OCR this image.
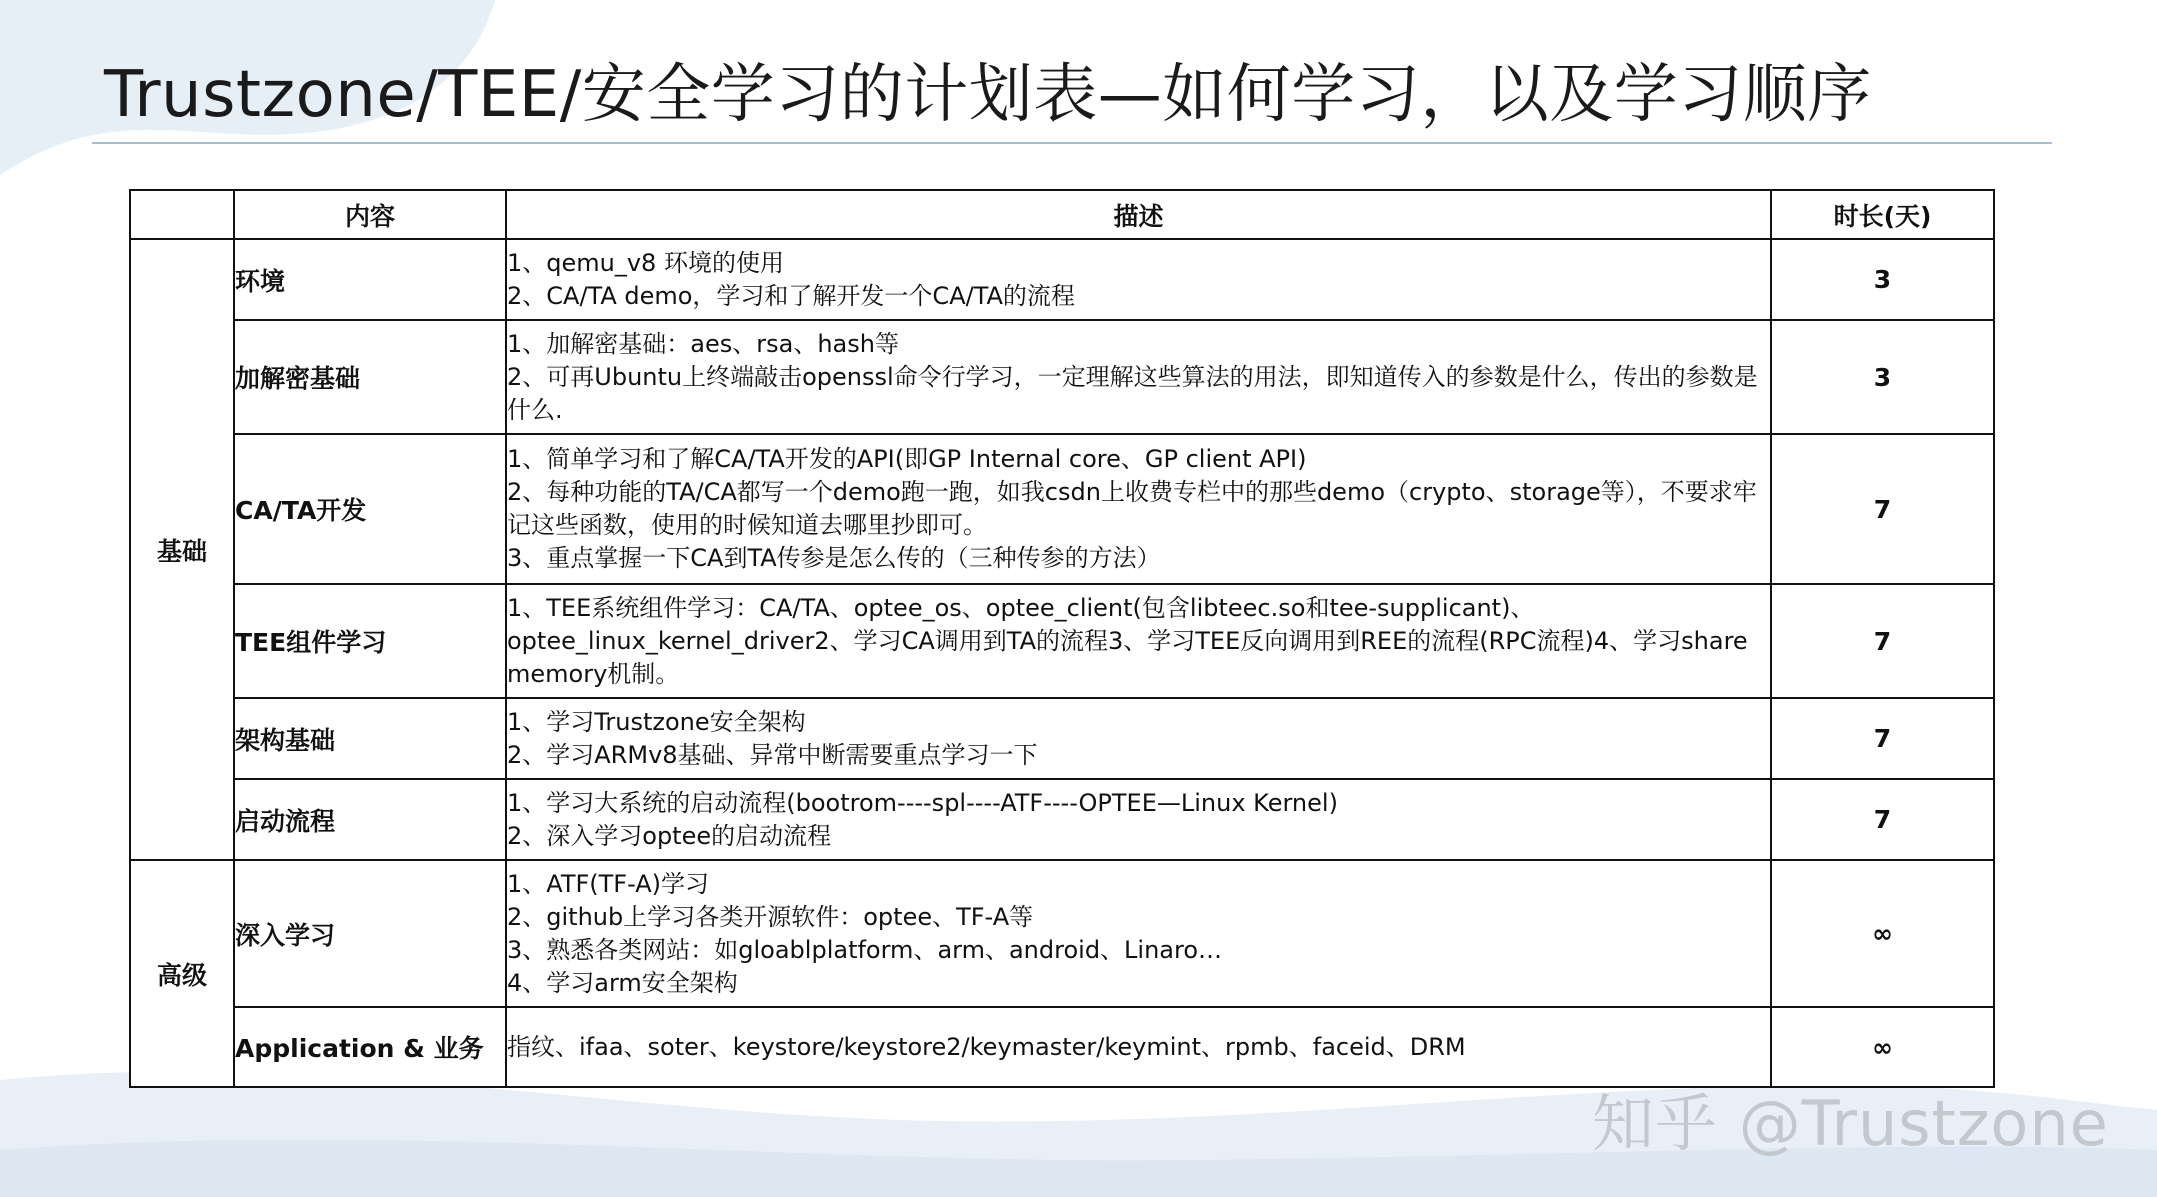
Trustzone/TEE/安全学习的计划表—如何学习，以及学习顺序
	内容	描述	时长(天)
基础	环境	1、qemu_v8 环境的使用
2、CA/TA demo，学习和了解开发一个CA/TA的流程	3
	加解密基础	1、加解密基础：aes、rsa、hash等
2、可再Ubuntu上终端敲击openssl命令行学习，一定理解这些算法的用法，即知道传入的参数是什么，传出的参数是什么.	3
	CA/TA开发	1、简单学习和了解CA/TA开发的API(即GP Internal core、GP client API)
2、每种功能的TA/CA都写一个demo跑一跑，如我csdn上收费专栏中的那些demo（crypto、storage等），不要求牢记这些函数，使用的时候知道去哪里抄即可。
3、重点掌握一下CA到TA传参是怎么传的（三种传参的方法）	7
	TEE组件学习	1、TEE系统组件学习：CA/TA、optee_os、optee_client(包含libteec.so和tee-supplicant)、optee_linux_kernel_driver2、学习CA调用到TA的流程3、学习TEE反向调用到REE的流程(RPC流程)4、学习share memory机制。	7
	架构基础	1、学习Trustzone安全架构
2、学习ARMv8基础、异常中断需要重点学习一下	7
	启动流程	1、学习大系统的启动流程(bootrom----spl----ATF----OPTEE—Linux Kernel)
2、深入学习optee的启动流程	7
高级	深入学习	1、ATF(TF-A)学习
2、github上学习各类开源软件：optee、TF-A等
3、熟悉各类网站：如gloablplatform、arm、android、Linaro…
4、学习arm安全架构	∞
	Application & 业务	指纹、ifaa、soter、keystore/keystore2/keymaster/keymint、rpmb、faceid、DRM	∞
知乎 @Trustzone
